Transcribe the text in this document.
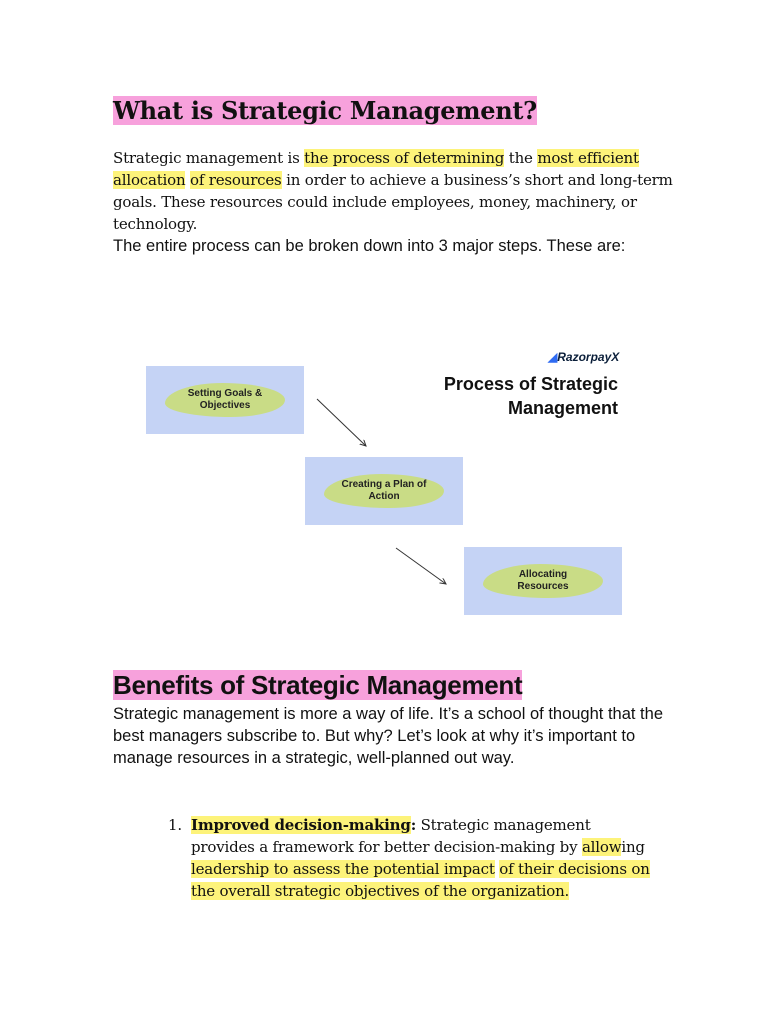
What is Strategic Management?

Strategic management is the process of determining the most efficient allocation of resources in order to achieve a business’s short and long-term goals. These resources could include employees, money, machinery, or technology.

The entire process can be broken down into 3 major steps. These are:

◢RazorpayX
Process of Strategic Management
Setting Goals & Objectives
Creating a Plan of Action
Allocating Resources
Benefits of Strategic Management

Strategic management is more a way of life. It’s a school of thought that the best managers subscribe to. But why? Let’s look at why it’s important to manage resources in a strategic, well-planned out way.

1. Improved decision-making: Strategic management provides a framework for better decision-making by allowing leadership to assess the potential impact of their decisions on the overall strategic objectives of the organization.
